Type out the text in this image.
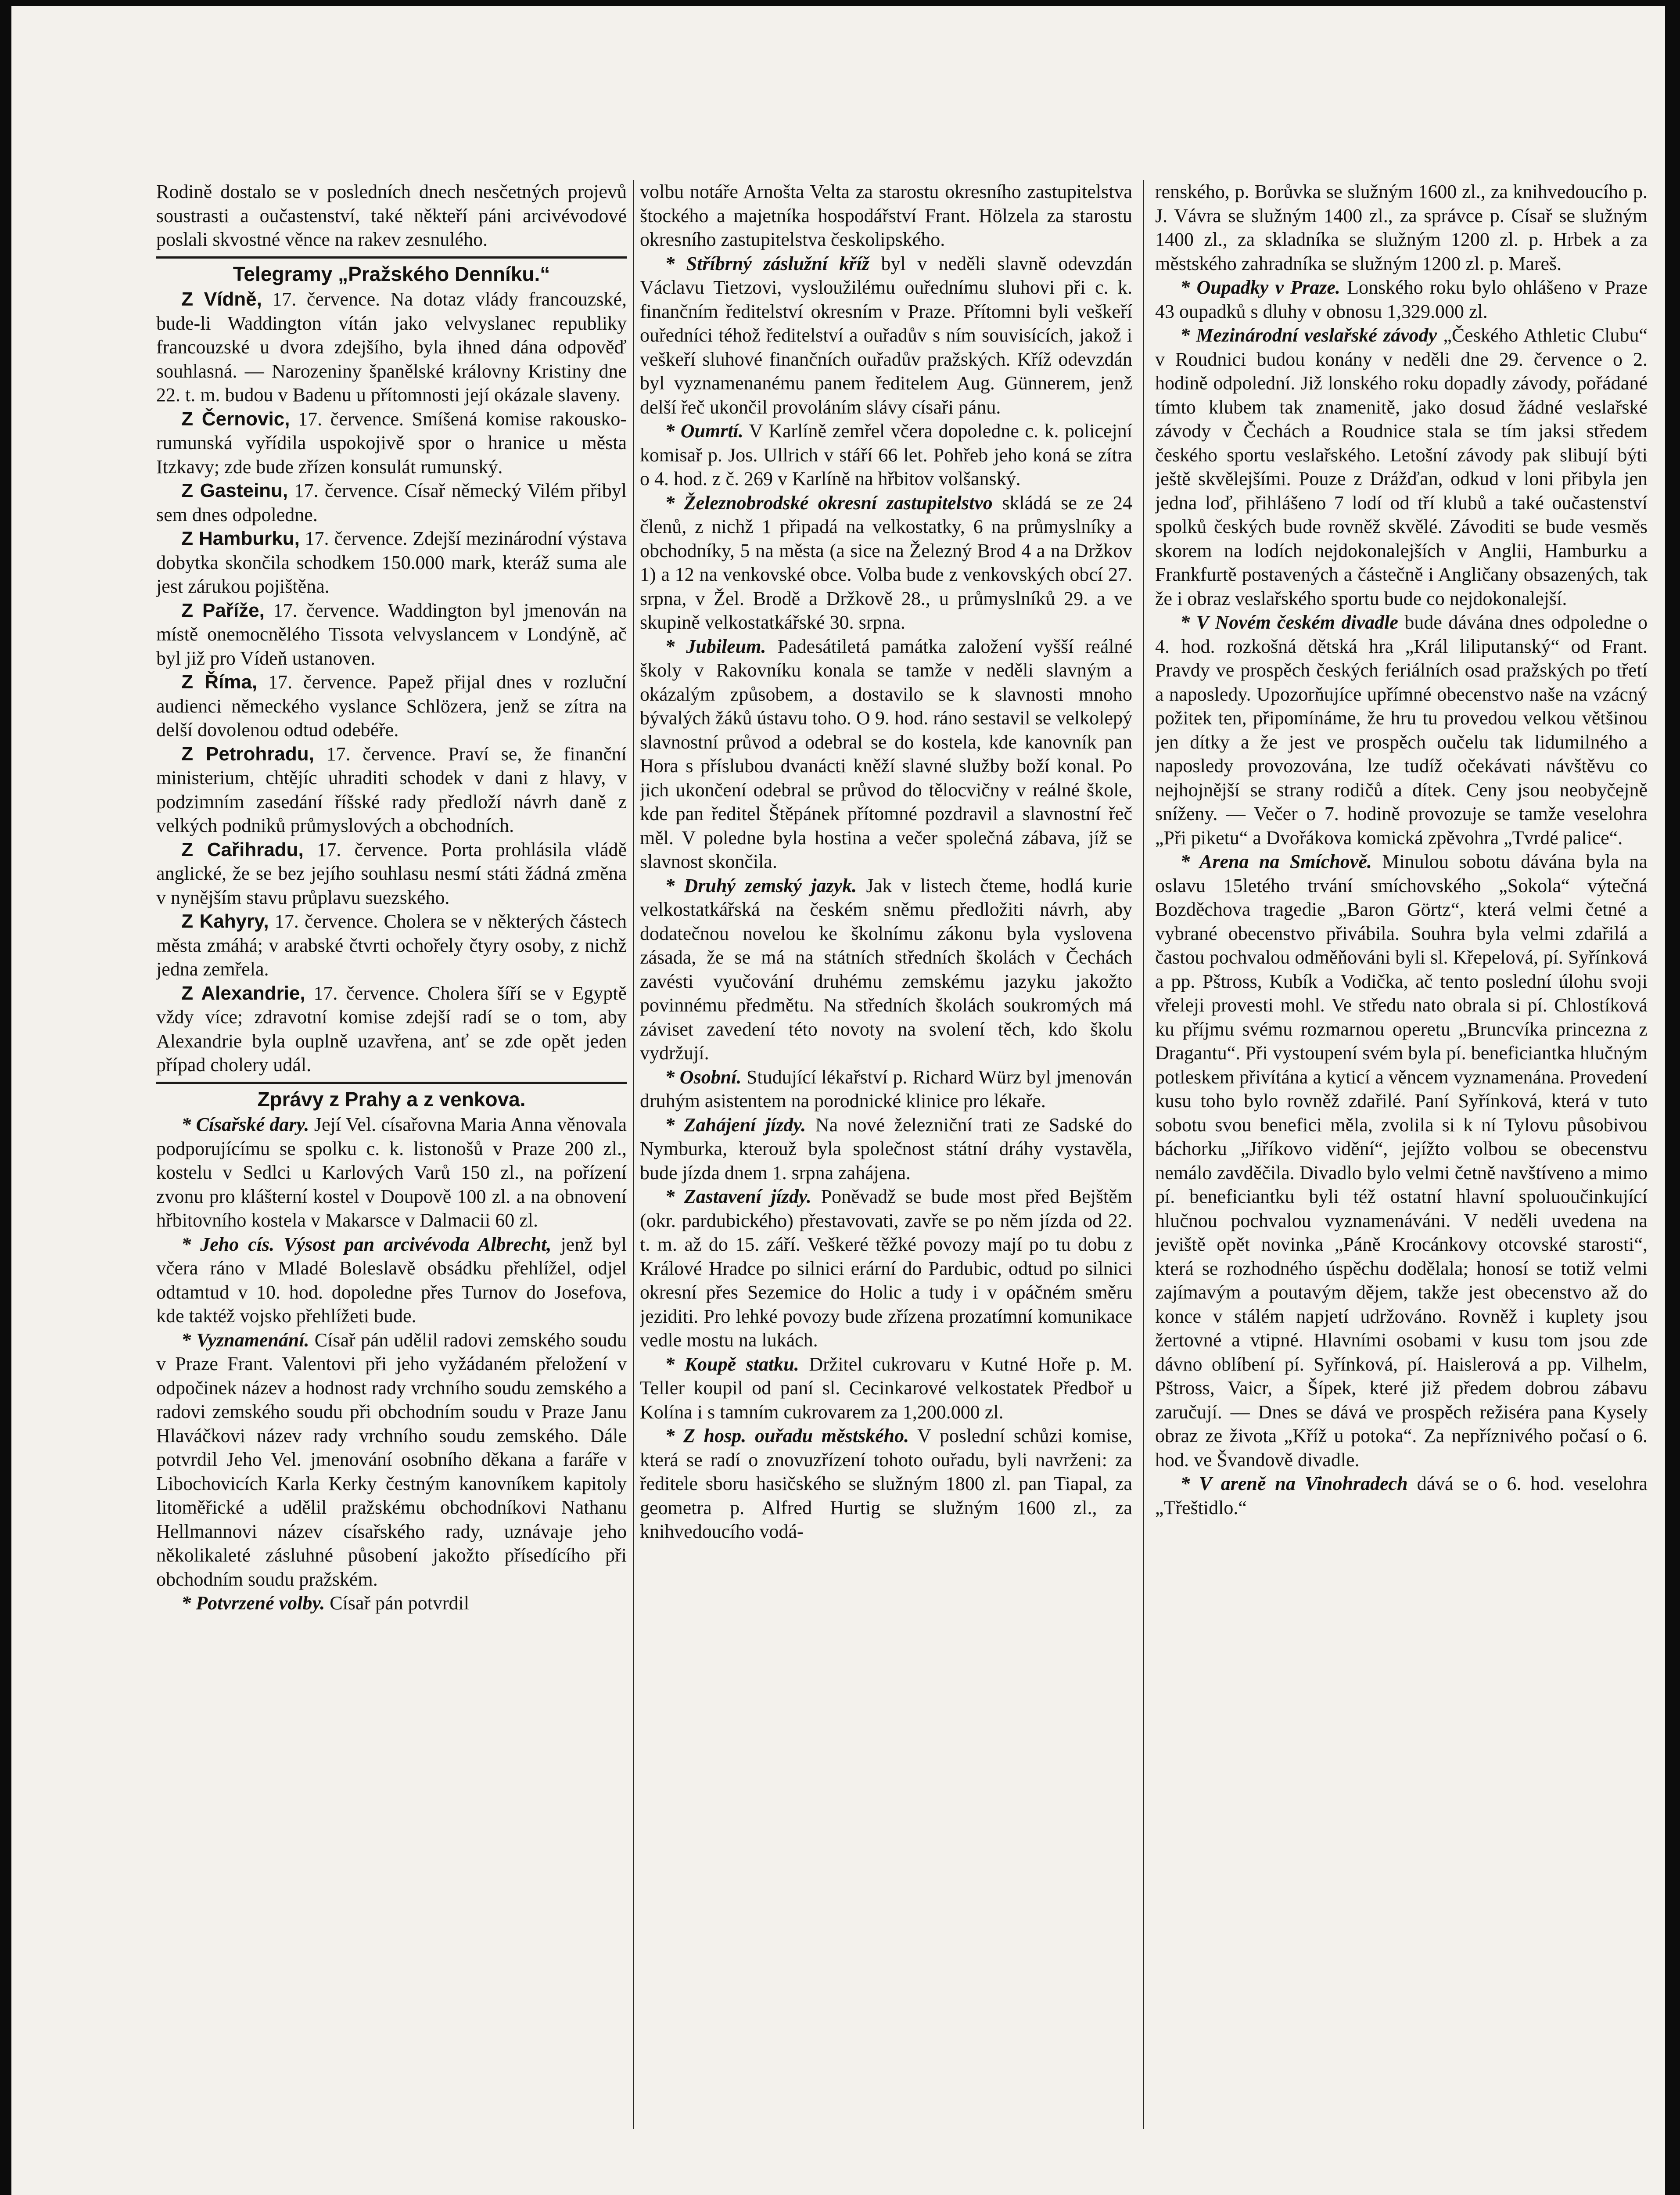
Rodině dostalo se v posledních dnech nesčetných projevů soustrasti a oučastenství, také někteří páni arcivévodové poslali skvostné věnce na rakev zesnulého.

Telegramy „Pražského Denníku.“

Z Vídně, 17. července. Na dotaz vlády francouzské, bude-li Waddington vítán jako velvyslanec republiky francouzské u dvora zdejšího, byla ihned dána odpověď souhlasná. — Narozeniny španělské královny Kristiny dne 22. t. m. budou v Badenu u přítomnosti její okázale slaveny.

Z Černovic, 17. července. Smíšená komise rakousko-rumunská vyřídila uspokojivě spor o hranice u města Itzkavy; zde bude zřízen konsulát rumunský.

Z Gasteinu, 17. července. Císař německý Vilém přibyl sem dnes odpoledne.

Z Hamburku, 17. července. Zdejší mezinárodní výstava dobytka skončila schodkem 150.000 mark, kteráž suma ale jest zárukou pojištěna.

Z Paříže, 17. července. Waddington byl jmenován na místě onemocnělého Tissota velvyslancem v Londýně, ač byl již pro Vídeň ustanoven.

Z Říma, 17. července. Papež přijal dnes v rozluční audienci německého vyslance Schlözera, jenž se zítra na delší dovolenou odtud odebéře.

Z Petrohradu, 17. července. Praví se, že finanční ministerium, chtějíc uhraditi schodek v dani z hlavy, v podzimním zasedání říšské rady předloží návrh daně z velkých podniků průmyslových a obchodních.

Z Cařihradu, 17. července. Porta prohlásila vládě anglické, že se bez jejího souhlasu nesmí státi žádná změna v nynějším stavu průplavu suezského.

Z Kahyry, 17. července. Cholera se v některých částech města zmáhá; v arabské čtvrti ochořely čtyry osoby, z nichž jedna zemřela.

Z Alexandrie, 17. července. Cholera šíří se v Egyptě vždy více; zdravotní komise zdejší radí se o tom, aby Alexandrie byla ouplně uzavřena, anť se zde opět jeden případ cholery udál.

Zprávy z Prahy a z venkova.

* Císařské dary. Její Vel. císařovna Maria Anna věnovala podporujícímu se spolku c. k. listonošů v Praze 200 zl., kostelu v Sedlci u Karlových Varů 150 zl., na pořízení zvonu pro klášterní kostel v Doupově 100 zl. a na obnovení hřbitovního kostela v Makarsce v Dalmacii 60 zl.

* Jeho cís. Výsost pan arcivévoda Albrecht, jenž byl včera ráno v Mladé Boleslavě obsádku přehlížel, odjel odtamtud v 10. hod. dopoledne přes Turnov do Josefova, kde taktéž vojsko přehlížeti bude.

* Vyznamenání. Císař pán udělil radovi zemského soudu v Praze Frant. Valentovi při jeho vyžádaném přeložení v odpočinek název a hodnost rady vrchního soudu zemského a radovi zemského soudu při obchodním soudu v Praze Janu Hlaváčkovi název rady vrchního soudu zemského. Dále potvrdil Jeho Vel. jmenování osobního děkana a faráře v Libochovicích Karla Kerky čestným kanovníkem kapitoly litoměřické a udělil pražskému obchodníkovi Nathanu Hellmannovi název císařského rady, uznávaje jeho několikaleté zásluhné působení jakožto přísedícího při obchodním soudu pražském.

* Potvrzené volby. Císař pán potvrdil

volbu notáře Arnošta Velta za starostu okresního zastupitelstva štockého a majetníka hospodářství Frant. Hölzela za starostu okresního zastupitelstva českolipského.

* Stříbrný záslužní kříž byl v neděli slavně odevzdán Václavu Tietzovi, vysloužilému ouřednímu sluhovi při c. k. finančním ředitelství okresním v Praze. Přítomni byli veškeří ouředníci téhož ředitelství a ouřadův s ním souvisících, jakož i veškeří sluhové finančních ouřadův pražských. Kříž odevzdán byl vyznamenanému panem ředitelem Aug. Günnerem, jenž delší řeč ukončil provoláním slávy císaři pánu.

* Oumrtí. V Karlíně zemřel včera dopoledne c. k. policejní komisař p. Jos. Ullrich v stáří 66 let. Pohřeb jeho koná se zítra o 4. hod. z č. 269 v Karlíně na hřbitov volšanský.

* Železnobrodské okresní zastupitelstvo skládá se ze 24 členů, z nichž 1 připadá na velkostatky, 6 na průmyslníky a obchodníky, 5 na města (a sice na Železný Brod 4 a na Držkov 1) a 12 na venkovské obce. Volba bude z venkovských obcí 27. srpna, v Žel. Brodě a Držkově 28., u průmyslníků 29. a ve skupině velkostatkářské 30. srpna.

* Jubileum. Padesátiletá památka založení vyšší reálné školy v Rakovníku konala se tamže v neděli slavným a okázalým způsobem, a dostavilo se k slavnosti mnoho bývalých žáků ústavu toho. O 9. hod. ráno sestavil se velkolepý slavnostní průvod a odebral se do kostela, kde kanovník pan Hora s příslubou dvanácti kněží slavné služby boží konal. Po jich ukončení odebral se průvod do tělocvičny v reálné škole, kde pan ředitel Štěpánek přítomné pozdravil a slavnostní řeč měl. V poledne byla hostina a večer společná zábava, jíž se slavnost skončila.

* Druhý zemský jazyk. Jak v listech čteme, hodlá kurie velkostatkářská na českém sněmu předložiti návrh, aby dodatečnou novelou ke školnímu zákonu byla vyslovena zásada, že se má na státních středních školách v Čechách zavésti vyučování druhému zemskému jazyku jakožto povinnému předmětu. Na středních školách soukromých má záviset zavedení této novoty na svolení těch, kdo školu vydržují.

* Osobní. Studující lékařství p. Richard Würz byl jmenován druhým asistentem na porodnické klinice pro lékaře.

* Zahájení jízdy. Na nové železniční trati ze Sadské do Nymburka, kterouž byla společnost státní dráhy vystavěla, bude jízda dnem 1. srpna zahájena.

* Zastavení jízdy. Poněvadž se bude most před Bejštěm (okr. pardubického) přestavovati, zavře se po něm jízda od 22. t. m. až do 15. září. Veškeré těžké povozy mají po tu dobu z Králové Hradce po silnici erární do Pardubic, odtud po silnici okresní přes Sezemice do Holic a tudy i v opáčném směru jeziditi. Pro lehké povozy bude zřízena prozatímní komunikace vedle mostu na lukách.

* Koupě statku. Držitel cukrovaru v Kutné Hoře p. M. Teller koupil od paní sl. Cecinkarové velkostatek Předboř u Kolína i s tamním cukrovarem za 1,200.000 zl.

* Z hosp. ouřadu městského. V poslední schůzi komise, která se radí o znovuzřízení tohoto ouřadu, byli navrženi: za ředitele sboru hasičského se služným 1800 zl. pan Tiapal, za geometra p. Alfred Hurtig se služným 1600 zl., za knihvedoucího vodá-

renského, p. Borůvka se služným 1600 zl., za knihvedoucího p. J. Vávra se služným 1400 zl., za správce p. Císař se služným 1400 zl., za skladníka se služným 1200 zl. p. Hrbek a za městského zahradníka se služným 1200 zl. p. Mareš.

* Oupadky v Praze. Lonského roku bylo ohlášeno v Praze 43 oupadků s dluhy v obnosu 1,329.000 zl.

* Mezinárodní veslařské závody „Českého Athletic Clubu“ v Roudnici budou konány v neděli dne 29. července o 2. hodině odpolední. Již lonského roku dopadly závody, pořádané tímto klubem tak znamenitě, jako dosud žádné veslařské závody v Čechách a Roudnice stala se tím jaksi středem českého sportu veslařského. Letošní závody pak slibují býti ještě skvělejšími. Pouze z Drážďan, odkud v loni přibyla jen jedna loď, přihlášeno 7 lodí od tří klubů a také oučastenství spolků českých bude rovněž skvělé. Závoditi se bude vesměs skorem na lodích nejdokonalejších v Anglii, Hamburku a Frankfurtě postavených a částečně i Angličany obsazených, tak že i obraz veslařského sportu bude co nejdokonalejší.

* V Novém českém divadle bude dávána dnes odpoledne o 4. hod. rozkošná dětská hra „Král liliputanský“ od Frant. Pravdy ve prospěch českých feriálních osad pražských po třetí a naposledy. Upozorňujíce upřímné obecenstvo naše na vzácný požitek ten, připomínáme, že hru tu provedou velkou většinou jen dítky a že jest ve prospěch oučelu tak lidumilného a naposledy provozována, lze tudíž očekávati návštěvu co nejhojnější se strany rodičů a dítek. Ceny jsou neobyčejně sníženy. — Večer o 7. hodině provozuje se tamže veselohra „Při piketu“ a Dvořákova komická zpěvohra „Tvrdé palice“.

* Arena na Smíchově. Minulou sobotu dávána byla na oslavu 15letého trvání smíchovského „Sokola“ výtečná Bozděchova tragedie „Baron Görtz“, která velmi četné a vybrané obecenstvo přivábila. Souhra byla velmi zdařilá a častou pochvalou odměňováni byli sl. Křepelová, pí. Syřínková a pp. Pštross, Kubík a Vodička, ač tento poslední úlohu svoji vřeleji provesti mohl. Ve středu nato obrala si pí. Chlostíková ku příjmu svému rozmarnou operetu „Bruncvíka princezna z Dragantu“. Při vystoupení svém byla pí. beneficiantka hlučným potleskem přivítána a kyticí a věncem vyznamenána. Provedení kusu toho bylo rovněž zdařilé. Paní Syřínková, která v tuto sobotu svou benefici měla, zvolila si k ní Tylovu působivou báchorku „Jiříkovo vidění“, jejížto volbou se obecenstvu nemálo zavděčila. Divadlo bylo velmi četně navštíveno a mimo pí. beneficiantku byli též ostatní hlavní spoluoučinkující hlučnou pochvalou vyznamenáváni. V neděli uvedena na jeviště opět novinka „Páně Krocánkovy otcovské starosti“, která se rozhodného úspěchu dodělala; honosí se totiž velmi zajímavým a poutavým dějem, takže jest obecenstvo až do konce v stálém napjetí udržováno. Rovněž i kuplety jsou žertovné a vtipné. Hlavními osobami v kusu tom jsou zde dávno oblíbení pí. Syřínková, pí. Haislerová a pp. Vilhelm, Pštross, Vaicr, a Šípek, které již předem dobrou zábavu zaručují. — Dnes se dává ve prospěch režiséra pana Kysely obraz ze života „Kříž u potoka“. Za nepříznivého počasí o 6. hod. ve Švandově divadle.

* V areně na Vinohradech dává se o 6. hod. veselohra „Třeštidlo.“
